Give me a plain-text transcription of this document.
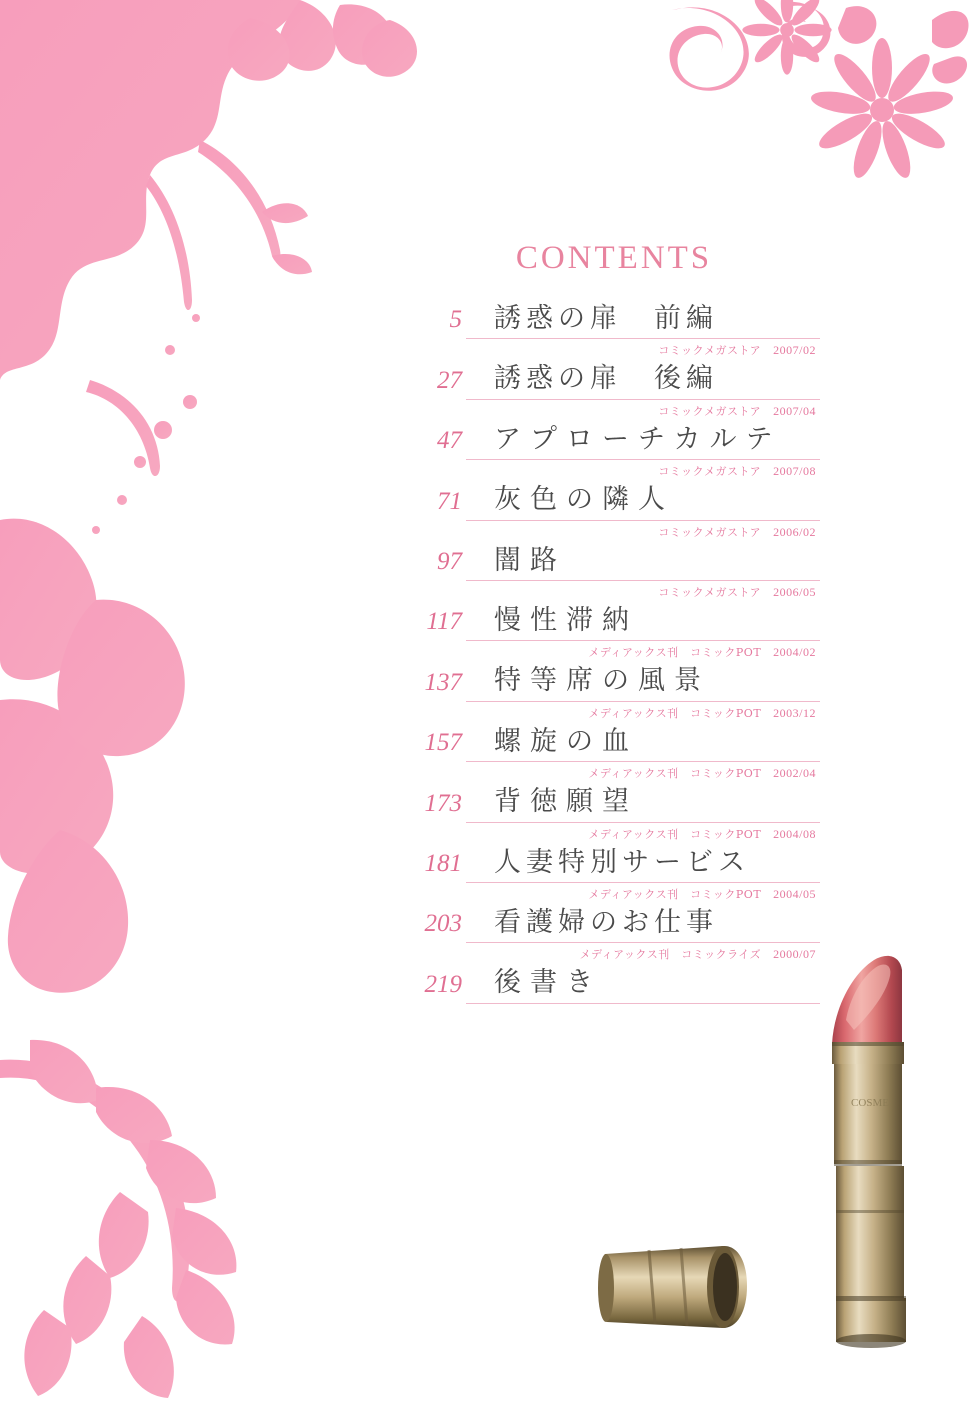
CONTENTS
5	誘惑の扉　前編
コミックメガストア 2007/02
27	誘惑の扉　後編
コミックメガストア 2007/04
47	アプローチカルテ
コミックメガストア 2007/08
71	灰色の隣人
コミックメガストア 2006/02
97	闇路
コミックメガストア 2006/05
117	慢性滞納
メディアックス刊　コミックPOT 2004/02
137	特等席の風景
メディアックス刊　コミックPOT 2003/12
157	螺旋の血
メディアックス刊　コミックPOT 2002/04
173	背徳願望
メディアックス刊　コミックPOT 2004/08
181	人妻特別サービス
メディアックス刊　コミックPOT 2004/05
203	看護婦のお仕事
メディアックス刊　コミックライズ 2000/07
219	後書き
COSME
